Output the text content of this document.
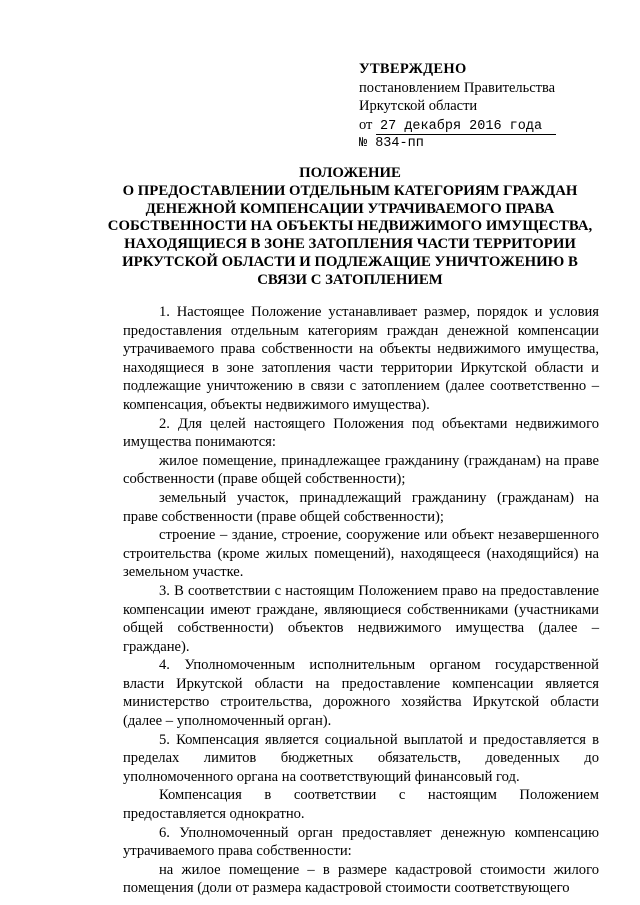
УТВЕРЖДЕНО
постановлением Правительства
Иркутской области
от 27 декабря 2016 года
№ 834-пп
ПОЛОЖЕНИЕ
О ПРЕДОСТАВЛЕНИИ ОТДЕЛЬНЫМ КАТЕГОРИЯМ ГРАЖДАН
ДЕНЕЖНОЙ КОМПЕНСАЦИИ УТРАЧИВАЕМОГО ПРАВА
СОБСТВЕННОСТИ НА ОБЪЕКТЫ НЕДВИЖИМОГО ИМУЩЕСТВА,
НАХОДЯЩИЕСЯ В ЗОНЕ ЗАТОПЛЕНИЯ ЧАСТИ ТЕРРИТОРИИ
ИРКУТСКОЙ ОБЛАСТИ И ПОДЛЕЖАЩИЕ УНИЧТОЖЕНИЮ В
СВЯЗИ С ЗАТОПЛЕНИЕМ

1. Настоящее Положение устанавливает размер, порядок и условия предоставления отдельным категориям граждан денежной компенсации утрачиваемого права собственности на объекты недвижимого имущества, находящиеся в зоне затопления части территории Иркутской области и подлежащие уничтожению в связи с затоплением (далее соответственно – компенсация, объекты недвижимого имущества).

2. Для целей настоящего Положения под объектами недвижимого имущества понимаются:

жилое помещение, принадлежащее гражданину (гражданам) на праве собственности (праве общей собственности);

земельный участок, принадлежащий гражданину (гражданам) на праве собственности (праве общей собственности);

строение – здание, строение, сооружение или объект незавершенного строительства (кроме жилых помещений), находящееся (находящийся) на земельном участке.

3. В соответствии с настоящим Положением право на предоставление компенсации имеют граждане, являющиеся собственниками (участниками общей собственности) объектов недвижимого имущества (далее – граждане).

4. Уполномоченным исполнительным органом государственной власти Иркутской области на предоставление компенсации является министерство строительства, дорожного хозяйства Иркутской области (далее – уполномоченный орган).

5. Компенсация является социальной выплатой и предоставляется в пределах лимитов бюджетных обязательств, доведенных до уполномоченного органа на соответствующий финансовый год.

Компенсация в соответствии с настоящим Положением предоставляется однократно.

6. Уполномоченный орган предоставляет денежную компенсацию утрачиваемого права собственности:

на жилое помещение – в размере кадастровой стоимости жилого помещения (доли от размера кадастровой стоимости соответствующего
